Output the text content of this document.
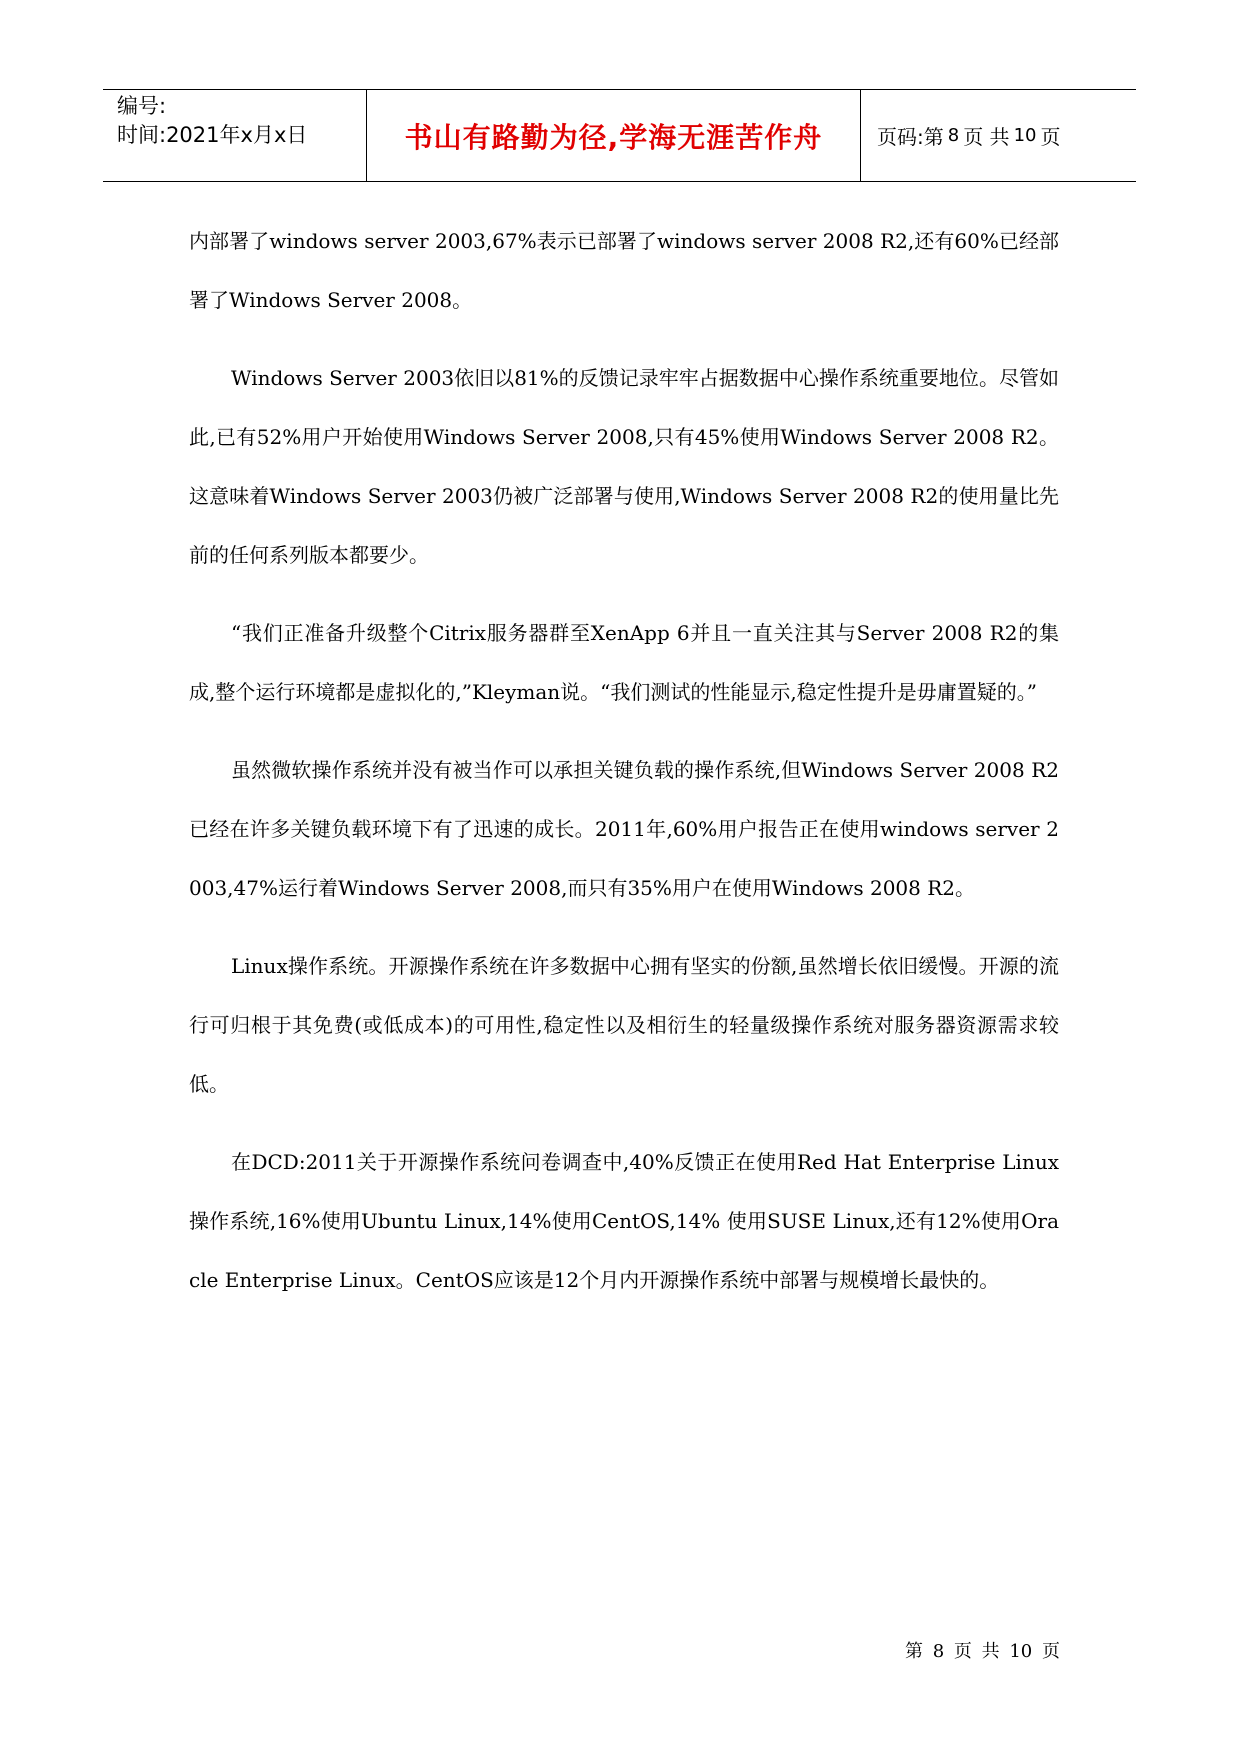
编号:
时间:2021年x月x日	书山有路勤为径,学海无涯苦作舟	页码:第 8 页 共 10 页

内部署了windows server 2003,67%表示已部署了windows server 2008 R2,还有60%已经部署了Windows Server 2008。

Windows Server 2003依旧以81%的反馈记录牢牢占据数据中心操作系统重要地位。尽管如此,已有52%用户开始使用Windows Server 2008,只有45%使用Windows Server 2008 R2。这意味着Windows Server 2003仍被广泛部署与使用,Windows Server 2008 R2的使用量比先前的任何系列版本都要少。

“我们正准备升级整个Citrix服务器群至XenApp 6并且一直关注其与Server 2008 R2的集成,整个运行环境都是虚拟化的,”Kleyman说。“我们测试的性能显示,稳定性提升是毋庸置疑的。”

虽然微软操作系统并没有被当作可以承担关键负载的操作系统,但Windows Server 2008 R2已经在许多关键负载环境下有了迅速的成长。2011年,60%用户报告正在使用windows server 2003,47%运行着Windows Server 2008,而只有35%用户在使用Windows 2008 R2。

Linux操作系统。开源操作系统在许多数据中心拥有坚实的份额,虽然增长依旧缓慢。开源的流行可归根于其免费(或低成本)的可用性,稳定性以及相衍生的轻量级操作系统对服务器资源需求较低。

在DCD:2011关于开源操作系统问卷调查中,40%反馈正在使用Red Hat Enterprise Linux操作系统,16%使用Ubuntu Linux,14%使用CentOS,14% 使用SUSE Linux,还有12%使用Oracle Enterprise Linux。CentOS应该是12个月内开源操作系统中部署与规模增长最快的。

第 8 页 共 10 页
